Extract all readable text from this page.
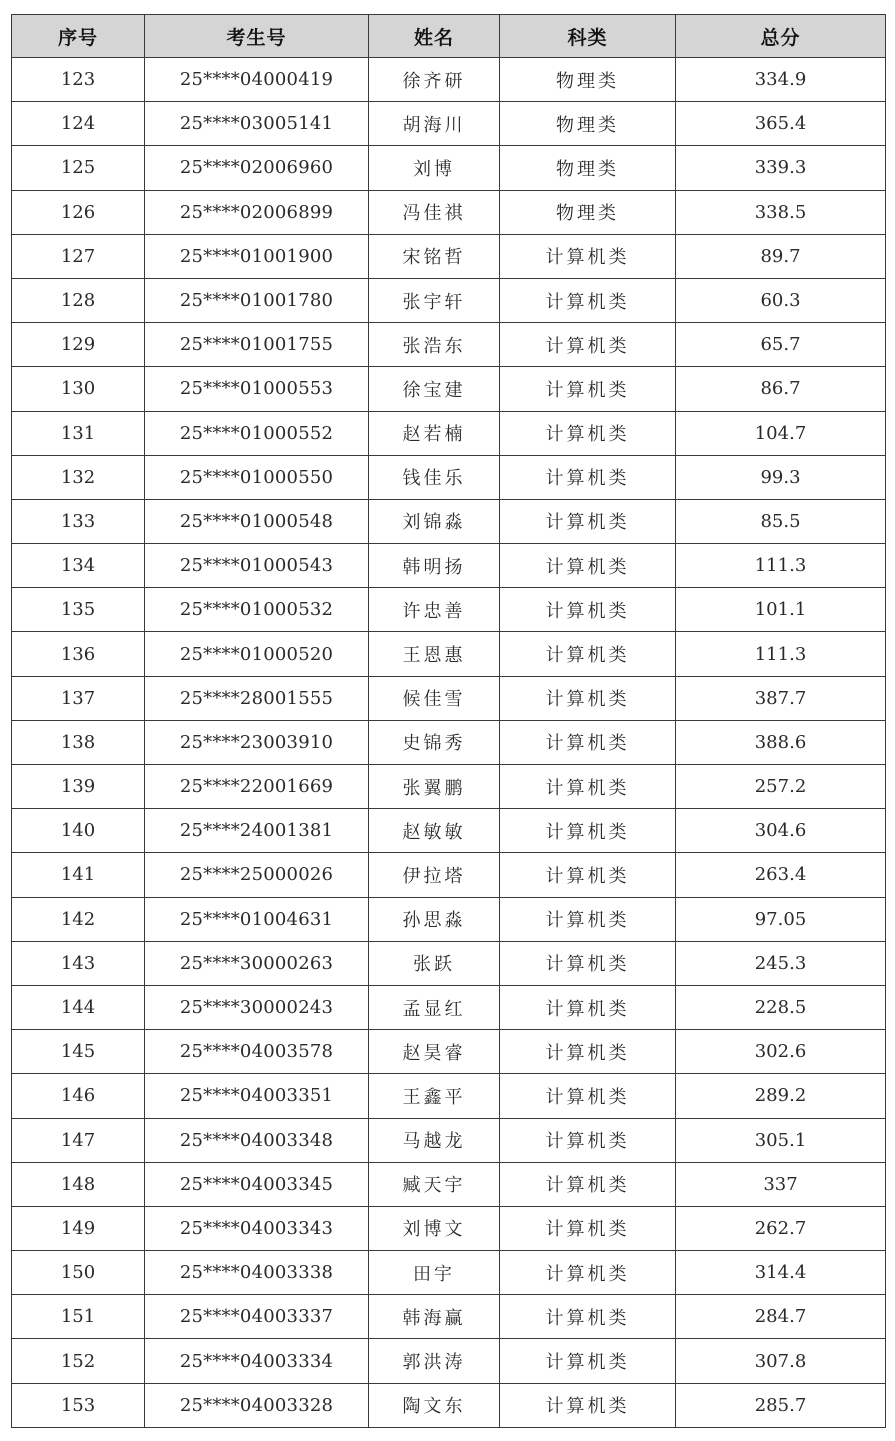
序号	考生号	姓名	科类	总分
123	25****04000419	徐齐研	物理类	334.9
124	25****03005141	胡海川	物理类	365.4
125	25****02006960	刘博	物理类	339.3
126	25****02006899	冯佳祺	物理类	338.5
127	25****01001900	宋铭哲	计算机类	89.7
128	25****01001780	张宇轩	计算机类	60.3
129	25****01001755	张浩东	计算机类	65.7
130	25****01000553	徐宝建	计算机类	86.7
131	25****01000552	赵若楠	计算机类	104.7
132	25****01000550	钱佳乐	计算机类	99.3
133	25****01000548	刘锦淼	计算机类	85.5
134	25****01000543	韩明扬	计算机类	111.3
135	25****01000532	许忠善	计算机类	101.1
136	25****01000520	王恩惠	计算机类	111.3
137	25****28001555	候佳雪	计算机类	387.7
138	25****23003910	史锦秀	计算机类	388.6
139	25****22001669	张翼鹏	计算机类	257.2
140	25****24001381	赵敏敏	计算机类	304.6
141	25****25000026	伊拉塔	计算机类	263.4
142	25****01004631	孙思淼	计算机类	97.05
143	25****30000263	张跃	计算机类	245.3
144	25****30000243	孟显红	计算机类	228.5
145	25****04003578	赵昊睿	计算机类	302.6
146	25****04003351	王鑫平	计算机类	289.2
147	25****04003348	马越龙	计算机类	305.1
148	25****04003345	臧天宇	计算机类	337
149	25****04003343	刘博文	计算机类	262.7
150	25****04003338	田宇	计算机类	314.4
151	25****04003337	韩海赢	计算机类	284.7
152	25****04003334	郭洪涛	计算机类	307.8
153	25****04003328	陶文东	计算机类	285.7
